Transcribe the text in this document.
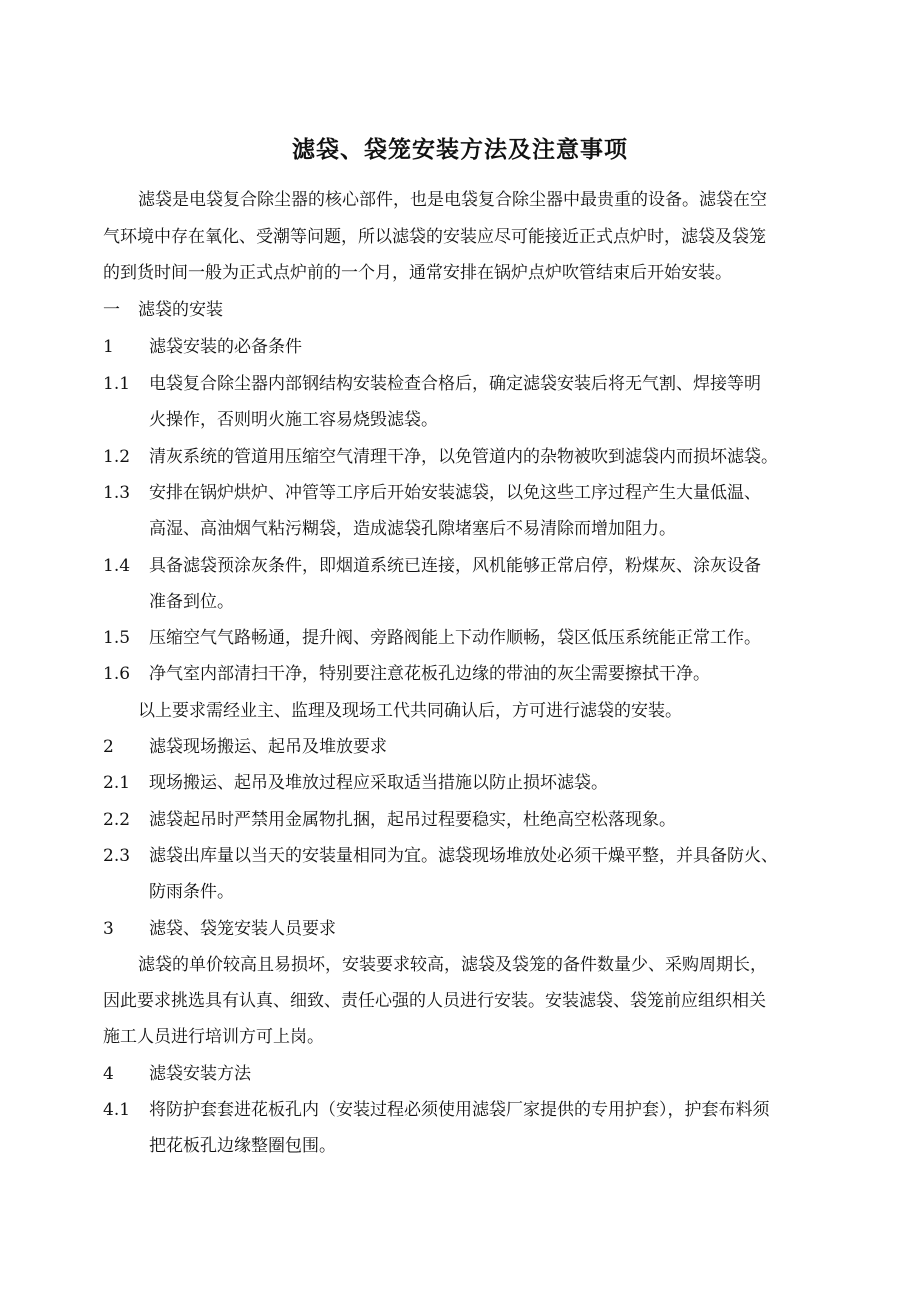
滤袋、袋笼安装方法及注意事项
滤袋是电袋复合除尘器的核心部件，也是电袋复合除尘器中最贵重的设备。滤袋在空
气环境中存在氧化、受潮等问题，所以滤袋的安装应尽可能接近正式点炉时，滤袋及袋笼
的到货时间一般为正式点炉前的一个月，通常安排在锅炉点炉吹管结束后开始安装。
一 滤袋的安装
1 滤袋安装的必备条件
1.1 电袋复合除尘器内部钢结构安装检查合格后，确定滤袋安装后将无气割、焊接等明
火操作，否则明火施工容易烧毁滤袋。
1.2 清灰系统的管道用压缩空气清理干净，以免管道内的杂物被吹到滤袋内而损坏滤袋。
1.3 安排在锅炉烘炉、冲管等工序后开始安装滤袋，以免这些工序过程产生大量低温、
高湿、高油烟气粘污糊袋，造成滤袋孔隙堵塞后不易清除而增加阻力。
1.4 具备滤袋预涂灰条件，即烟道系统已连接，风机能够正常启停，粉煤灰、涂灰设备
准备到位。
1.5 压缩空气气路畅通，提升阀、旁路阀能上下动作顺畅，袋区低压系统能正常工作。
1.6 净气室内部清扫干净，特别要注意花板孔边缘的带油的灰尘需要擦拭干净。
以上要求需经业主、监理及现场工代共同确认后，方可进行滤袋的安装。
2 滤袋现场搬运、起吊及堆放要求
2.1 现场搬运、起吊及堆放过程应采取适当措施以防止损坏滤袋。
2.2 滤袋起吊时严禁用金属物扎捆，起吊过程要稳实，杜绝高空松落现象。
2.3 滤袋出库量以当天的安装量相同为宜。滤袋现场堆放处必须干燥平整，并具备防火、
防雨条件。
3 滤袋、袋笼安装人员要求
滤袋的单价较高且易损坏，安装要求较高，滤袋及袋笼的备件数量少、采购周期长，
因此要求挑选具有认真、细致、责任心强的人员进行安装。安装滤袋、袋笼前应组织相关
施工人员进行培训方可上岗。
4 滤袋安装方法
4.1 将防护套套进花板孔内（安装过程必须使用滤袋厂家提供的专用护套），护套布料须
把花板孔边缘整圈包围。
